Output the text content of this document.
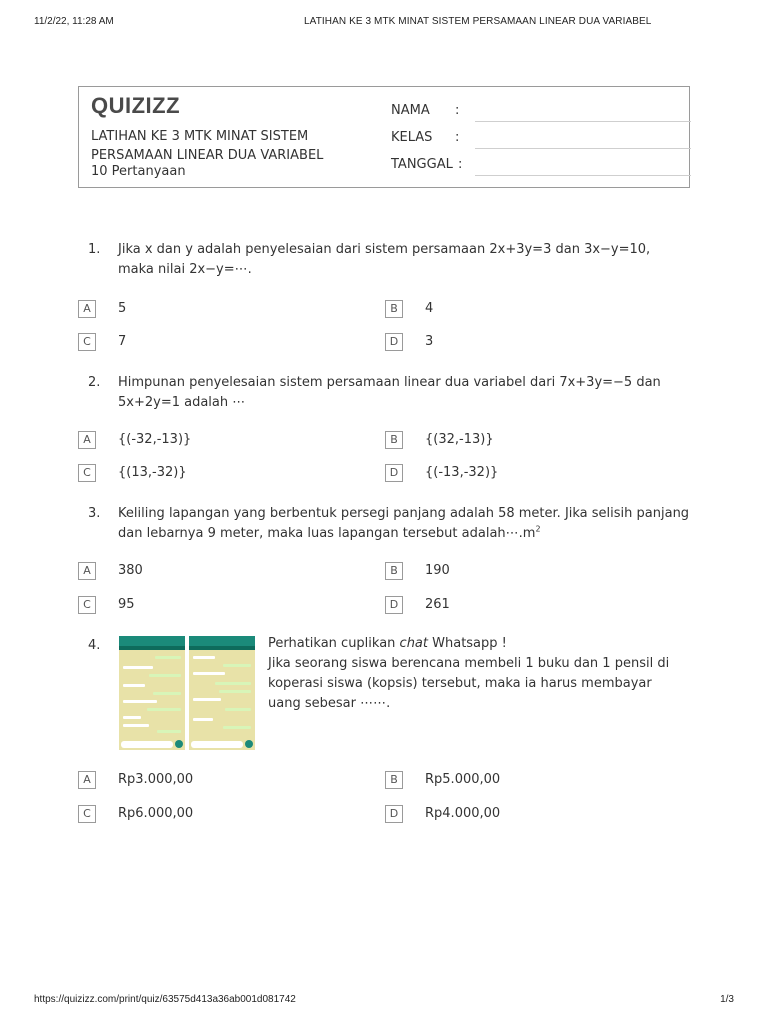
11/2/22, 11:28 AM	LATIHAN KE 3 MTK MINAT SISTEM PERSAMAAN LINEAR DUA VARIABEL
QUIZIZZ
LATIHAN KE 3 MTK MINAT SISTEM PERSAMAAN LINEAR DUA VARIABEL
10 Pertanyaan
NAMA :
KELAS :
TANGGAL :
1. Jika x dan y adalah penyelesaian dari sistem persamaan 2x+3y=3 dan 3x−y=10, maka nilai 2x−y=⋯.
A	5	B	4
C	7	D	3
2. Himpunan penyelesaian sistem persamaan linear dua variabel dari 7x+3y=−5 dan 5x+2y=1 adalah ⋯
A	{(-32,-13)}	B	{(32,-13)}
C	{(13,-32)}	D	{(-13,-32)}
3. Keliling lapangan yang berbentuk persegi panjang adalah 58 meter. Jika selisih panjang dan lebarnya 9 meter, maka luas lapangan tersebut $adalah\cdots.m^2$
A	380	B	190
C	95	D	261
4.	Perhatikan cuplikan chat Whatsapp !
Jika seorang siswa berencana membeli 1 buku dan 1 pensil di koperasi siswa (kopsis) tersebut, maka ia harus membayar uang sebesar ⋯⋯.
A	Rp3.000,00	B	Rp5.000,00
C	Rp6.000,00	D	Rp4.000,00
https://quizizz.com/print/quiz/63575d413a36ab001d081742	1/3
